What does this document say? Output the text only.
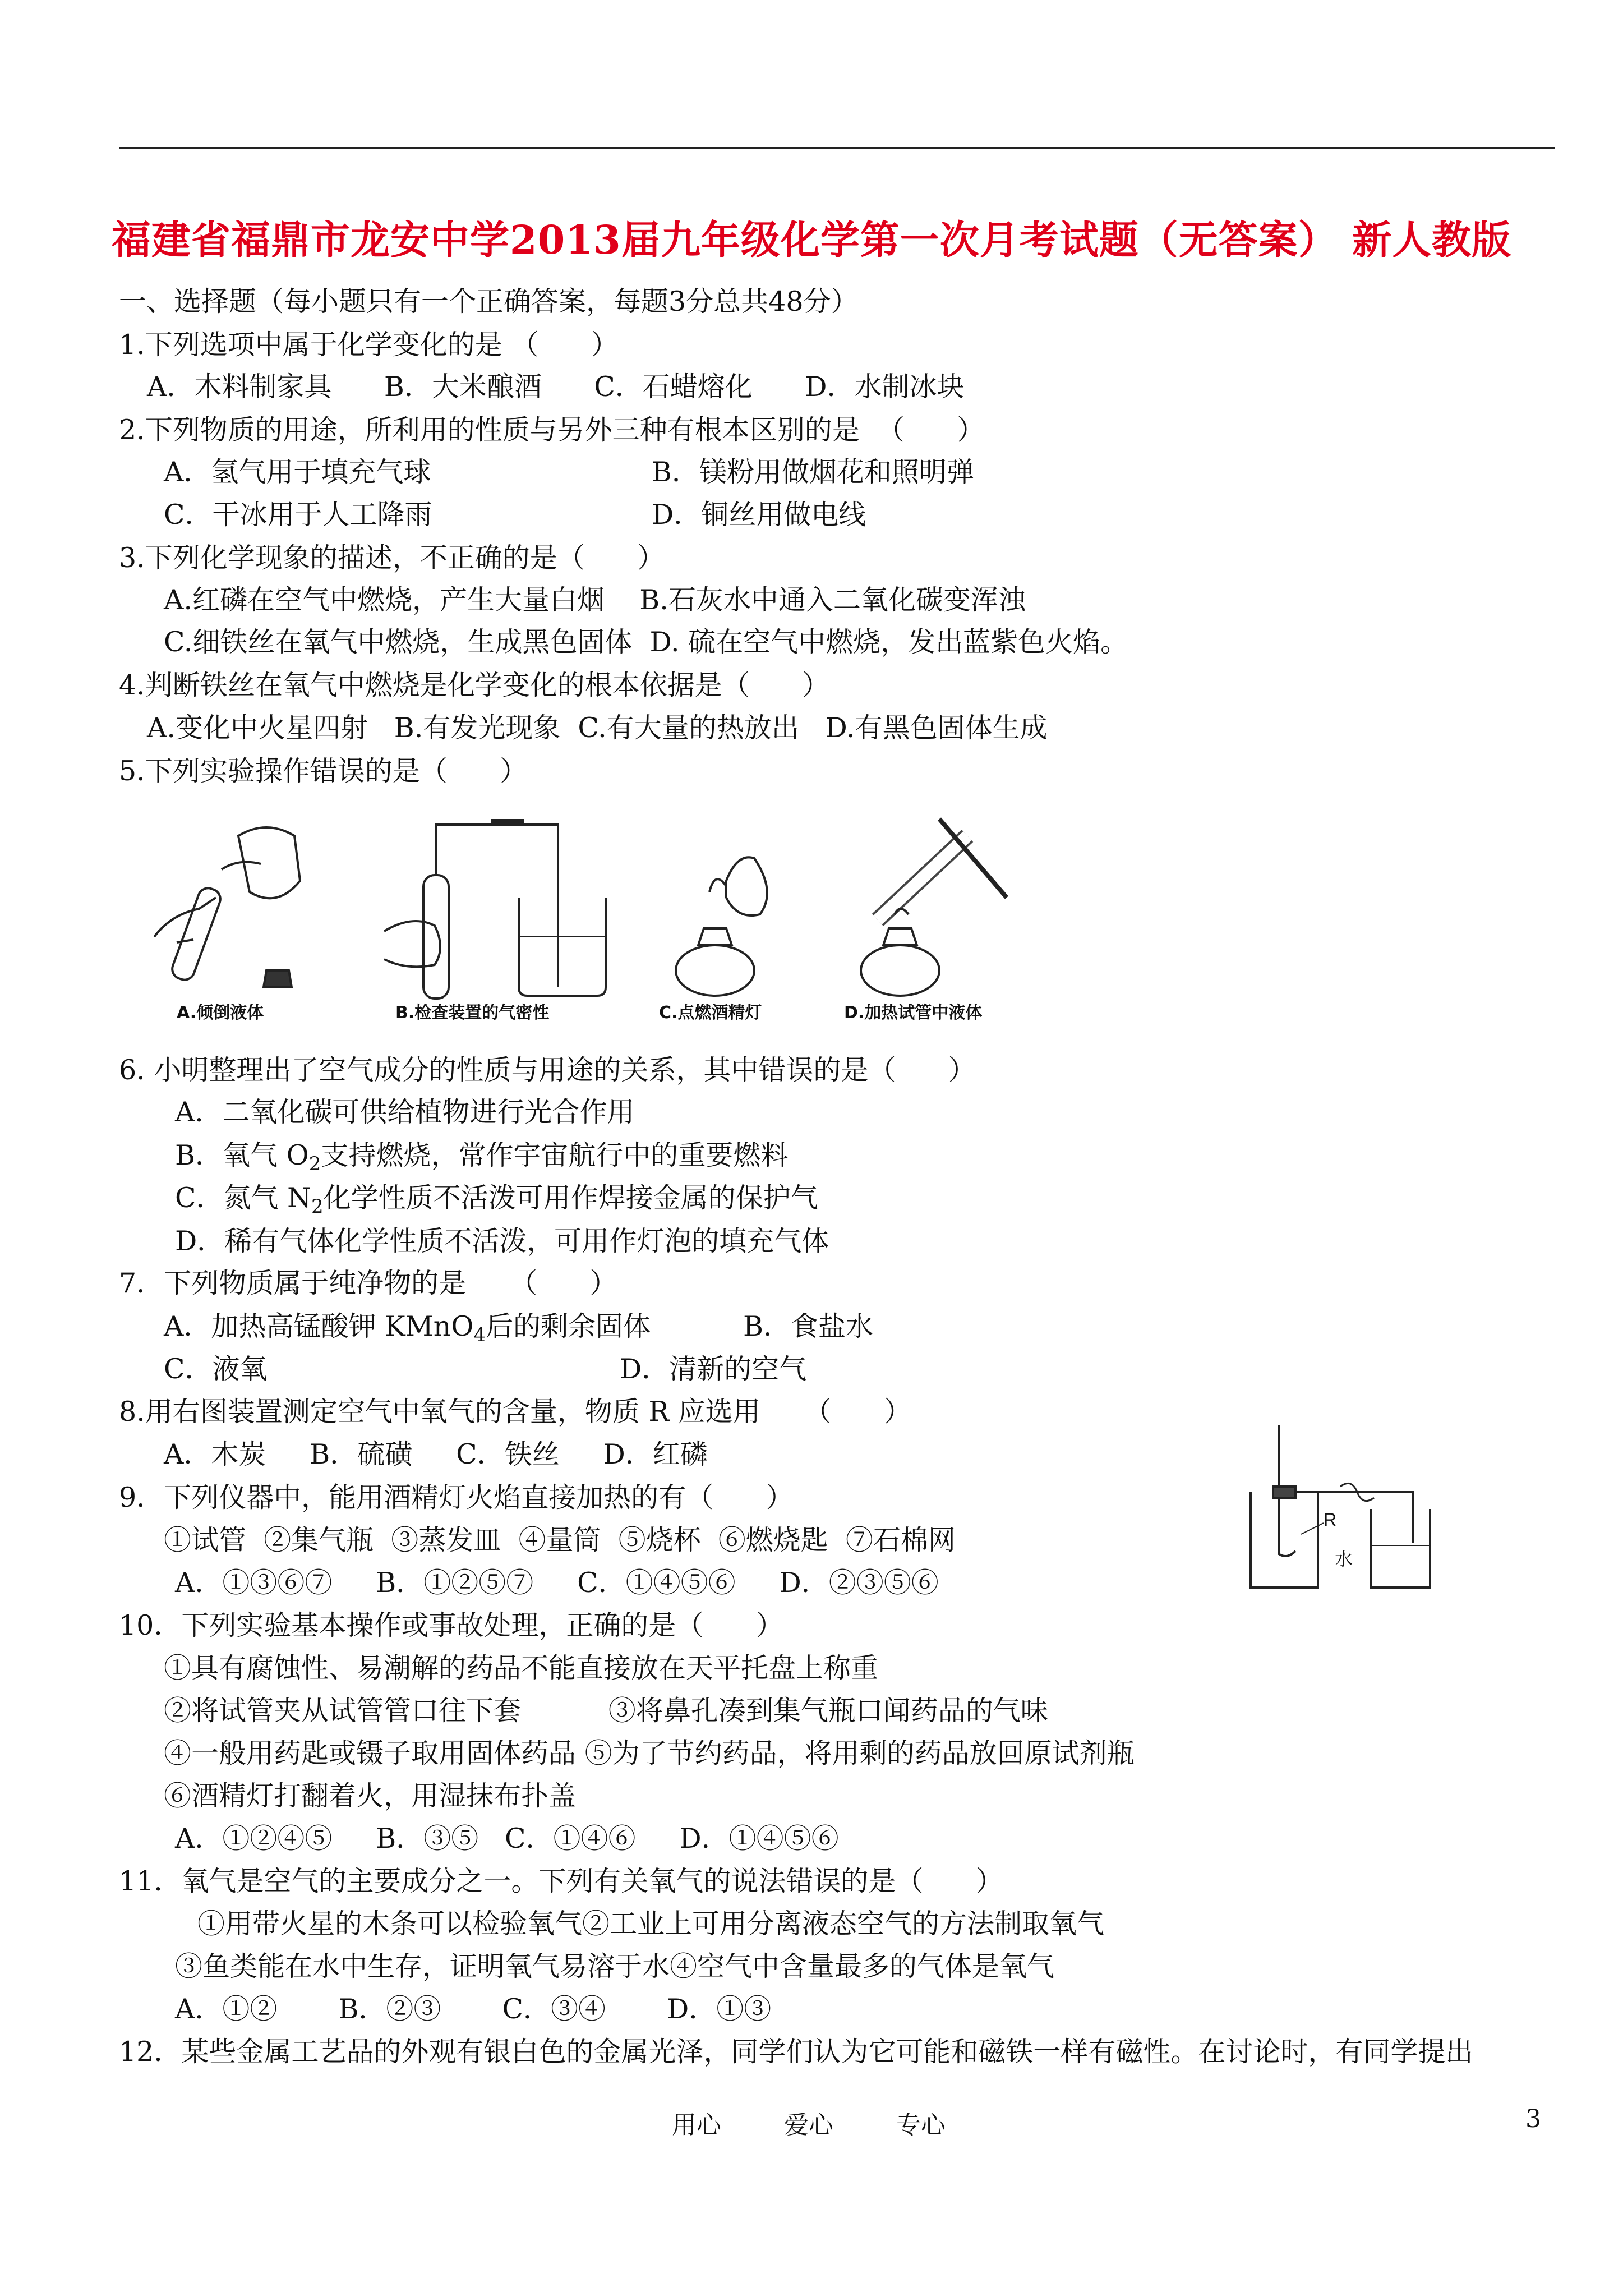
福建省福鼎市龙安中学2013届九年级化学第一次月考试题（无答案） 新人教版
一、选择题（每小题只有一个正确答案，每题3分总共48分）
1.下列选项中属于化学变化的是 （      ）
A．木料制家具      B．大米酿酒      C．石蜡熔化      D．水制冰块
2.下列物质的用途，所利用的性质与另外三种有根本区别的是  （      ）
A．氢气用于填充气球	B．镁粉用做烟花和照明弹
C．干冰用于人工降雨	D．铜丝用做电线
3.下列化学现象的描述，不正确的是（      ）
A.红磷在空气中燃烧，产生大量白烟    B.石灰水中通入二氧化碳变浑浊
C.细铁丝在氧气中燃烧，生成黑色固体  D. 硫在空气中燃烧，发出蓝紫色火焰。
4.判断铁丝在氧气中燃烧是化学变化的根本依据是（      ）
A.变化中火星四射   B.有发光现象  C.有大量的热放出   D.有黑色固体生成
5.下列实验操作错误的是（      ）
A.倾倒液体	B.检查装置的气密性	C.点燃酒精灯	D.加热试管中液体
6. 小明整理出了空气成分的性质与用途的关系，其中错误的是（      ）
A．二氧化碳可供给植物进行光合作用
B．氧气 $O_2$支持燃烧，常作宇宙航行中的重要燃料
C．氮气 $N_2$化学性质不活泼可用作焊接金属的保护气
D．稀有气体化学性质不活泼，可用作灯泡的填充气体
7．下列物质属于纯净物的是     （      ）
A．加热高锰酸钾 KMnO$_4$后的剩余固体	B．食盐水
C．液氧	D．清新的空气
8.用右图装置测定空气中氧气的含量，物质 R 应选用     （      ）
A．木炭     B．硫磺     C．铁丝     D．红磷
R
水
9．下列仪器中，能用酒精灯火焰直接加热的有（      ）
①试管  ②集气瓶  ③蒸发皿  ④量筒  ⑤烧杯  ⑥燃烧匙  ⑦石棉网
A．①③⑥⑦     B．①②⑤⑦     C．①④⑤⑥     D．②③⑤⑥
10．下列实验基本操作或事故处理，正确的是（      ）
①具有腐蚀性、易潮解的药品不能直接放在天平托盘上称重
②将试管夹从试管管口往下套          ③将鼻孔凑到集气瓶口闻药品的气味
④一般用药匙或镊子取用固体药品 ⑤为了节约药品，将用剩的药品放回原试剂瓶
⑥酒精灯打翻着火，用湿抹布扑盖
A．①②④⑤     B．③⑤   C．①④⑥     D．①④⑤⑥
11．氧气是空气的主要成分之一。下列有关氧气的说法错误的是（      ）
①用带火星的木条可以检验氧气②工业上可用分离液态空气的方法制取氧气
③鱼类能在水中生存，证明氧气易溶于水④空气中含量最多的气体是氧气
A．①②       B．②③       C．③④       D．①③
12．某些金属工艺品的外观有银白色的金属光泽，同学们认为它可能和磁铁一样有磁性。在讨论时，有同学提出
用心	爱心	专心	3
